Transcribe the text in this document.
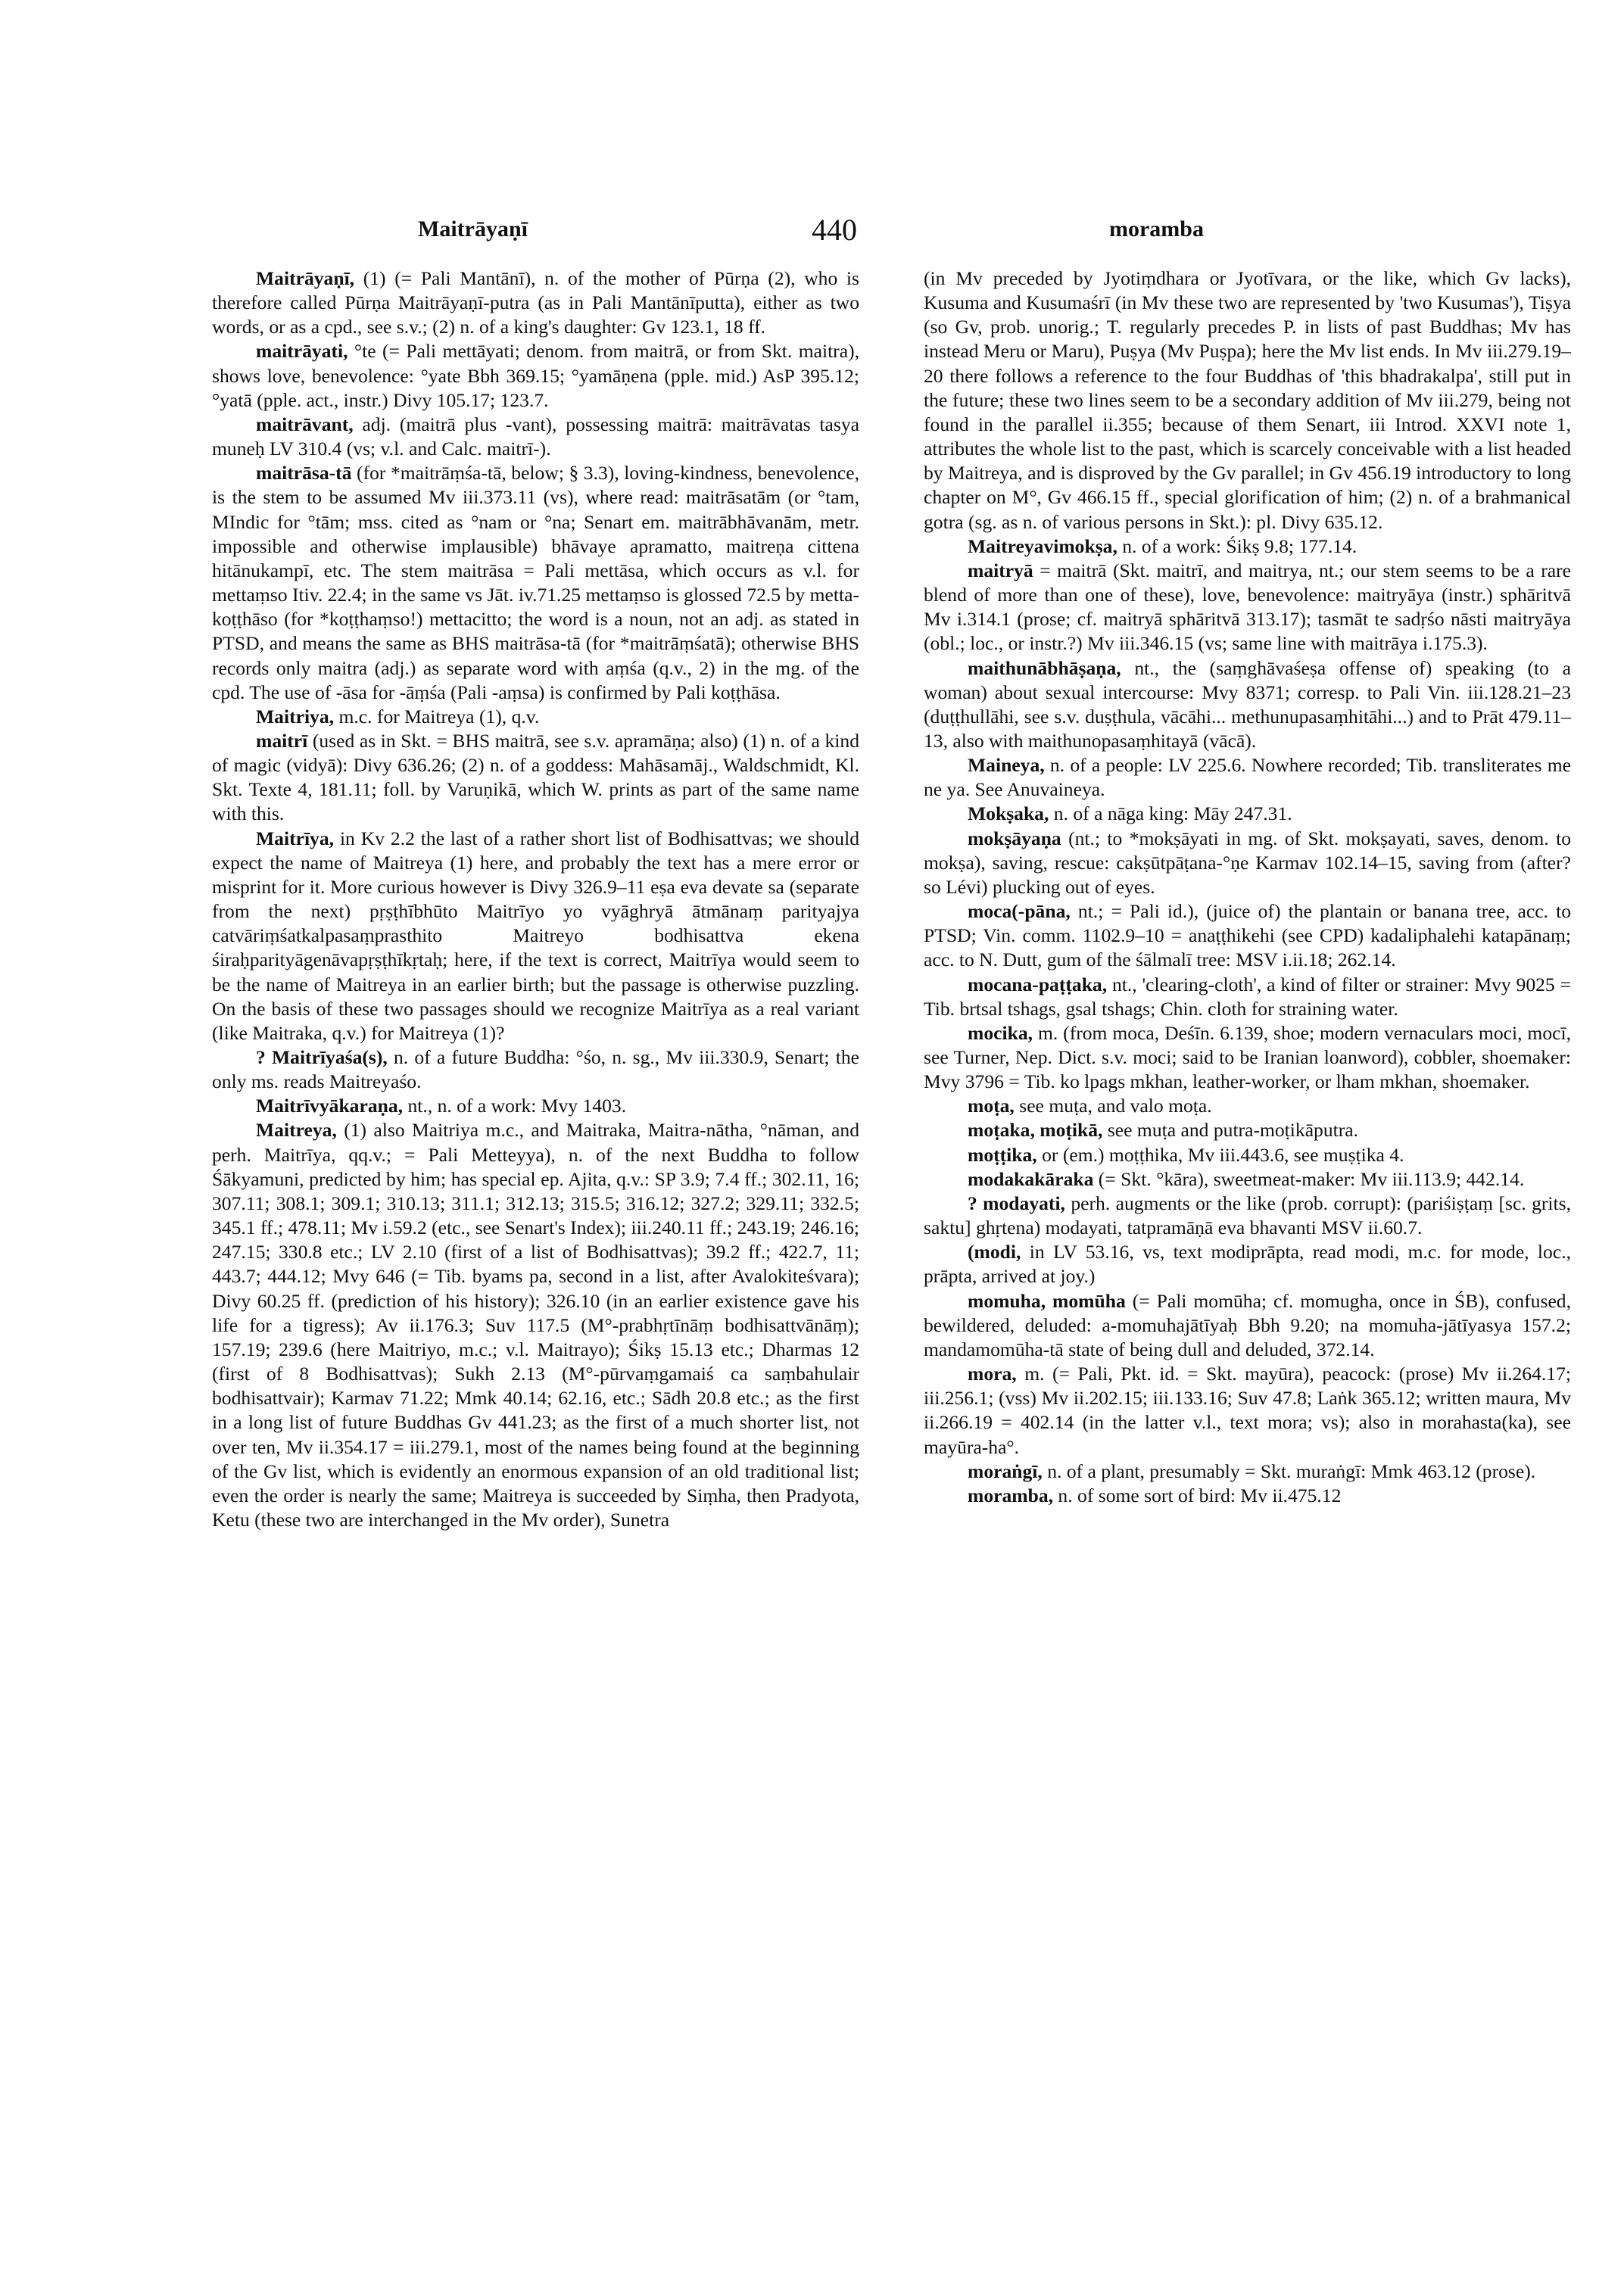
Maitrāyaṇī	440	moramba

Maitrāyaṇī, (1) (= Pali Mantānī), n. of the mother of Pūrṇa (2), who is therefore called Pūrṇa Maitrāyaṇī-putra (as in Pali Mantānīputta), either as two words, or as a cpd., see s.v.; (2) n. of a king's daughter: Gv 123.1, 18 ff.

maitrāyati, °te (= Pali mettāyati; denom. from maitrā, or from Skt. maitra), shows love, benevolence: °yate Bbh 369.15; °yamāṇena (pple. mid.) AsP 395.12; °yatā (pple. act., instr.) Divy 105.17; 123.7.

maitrāvant, adj. (maitrā plus -vant), possessing maitrā: maitrāvatas tasya muneḥ LV 310.4 (vs; v.l. and Calc. maitrī-).

maitrāsa-tā (for *maitrāṃśa-tā, below; § 3.3), loving-kindness, benevolence, is the stem to be assumed Mv iii.373.11 (vs), where read: maitrāsatām (or °tam, MIndic for °tām; mss. cited as °nam or °na; Senart em. maitrābhāvanām, metr. impossible and otherwise implausible) bhāvaye apramatto, maitreṇa cittena hitānukampī, etc. The stem maitrāsa = Pali mettāsa, which occurs as v.l. for mettaṃso Itiv. 22.4; in the same vs Jāt. iv.71.25 mettaṃso is glossed 72.5 by metta-koṭṭhāso (for *koṭṭhaṃso!) mettacitto; the word is a noun, not an adj. as stated in PTSD, and means the same as BHS maitrāsa-tā (for *maitrāṃśatā); otherwise BHS records only maitra (adj.) as separate word with aṃśa (q.v., 2) in the mg. of the cpd. The use of -āsa for -āṃśa (Pali -aṃsa) is confirmed by Pali koṭṭhāsa.

Maitriya, m.c. for Maitreya (1), q.v.

maitrī (used as in Skt. = BHS maitrā, see s.v. apramāṇa; also) (1) n. of a kind of magic (vidyā): Divy 636.26; (2) n. of a goddess: Mahāsamāj., Waldschmidt, Kl. Skt. Texte 4, 181.11; foll. by Varuṇikā, which W. prints as part of the same name with this.

Maitrīya, in Kv 2.2 the last of a rather short list of Bodhisattvas; we should expect the name of Maitreya (1) here, and probably the text has a mere error or misprint for it. More curious however is Divy 326.9–11 eṣa eva devate sa (separate from the next) pṛṣṭhībhūto Maitrīyo yo vyāghryā ātmānaṃ parityajya catvāriṃśatkalpasaṃprasthito Maitreyo bodhisattva ekena śiraḥparityāgenāvapṛṣṭhīkṛtaḥ; here, if the text is correct, Maitrīya would seem to be the name of Maitreya in an earlier birth; but the passage is otherwise puzzling. On the basis of these two passages should we recognize Maitrīya as a real variant (like Maitraka, q.v.) for Maitreya (1)?

? Maitrīyaśa(s), n. of a future Buddha: °śo, n. sg., Mv iii.330.9, Senart; the only ms. reads Maitreyaśo.

Maitrīvyākaraṇa, nt., n. of a work: Mvy 1403.

Maitreya, (1) also Maitriya m.c., and Maitraka, Maitra-nātha, °nāman, and perh. Maitrīya, qq.v.; = Pali Metteyya), n. of the next Buddha to follow Śākyamuni, predicted by him; has special ep. Ajita, q.v.: SP 3.9; 7.4 ff.; 302.11, 16; 307.11; 308.1; 309.1; 310.13; 311.1; 312.13; 315.5; 316.12; 327.2; 329.11; 332.5; 345.1 ff.; 478.11; Mv i.59.2 (etc., see Senart's Index); iii.240.11 ff.; 243.19; 246.16; 247.15; 330.8 etc.; LV 2.10 (first of a list of Bodhisattvas); 39.2 ff.; 422.7, 11; 443.7; 444.12; Mvy 646 (= Tib. byams pa, second in a list, after Avalokiteśvara); Divy 60.25 ff. (prediction of his history); 326.10 (in an earlier existence gave his life for a tigress); Av ii.176.3; Suv 117.5 (M°-prabhṛtīnāṃ bodhisattvānāṃ); 157.19; 239.6 (here Maitriyo, m.c.; v.l. Maitrayo); Śikṣ 15.13 etc.; Dharmas 12 (first of 8 Bodhisattvas); Sukh 2.13 (M°-pūrvaṃgamaiś ca saṃbahulair bodhisattvair); Karmav 71.22; Mmk 40.14; 62.16, etc.; Sādh 20.8 etc.; as the first in a long list of future Buddhas Gv 441.23; as the first of a much shorter list, not over ten, Mv ii.354.17 = iii.279.1, most of the names being found at the beginning of the Gv list, which is evidently an enormous expansion of an old traditional list; even the order is nearly the same; Maitreya is succeeded by Siṃha, then Pradyota, Ketu (these two are interchanged in the Mv order), Sunetra

(in Mv preceded by Jyotiṃdhara or Jyotīvara, or the like, which Gv lacks), Kusuma and Kusumaśrī (in Mv these two are represented by 'two Kusumas'), Tiṣya (so Gv, prob. unorig.; T. regularly precedes P. in lists of past Buddhas; Mv has instead Meru or Maru), Puṣya (Mv Puṣpa); here the Mv list ends. In Mv iii.279.19–20 there follows a reference to the four Buddhas of 'this bhadrakalpa', still put in the future; these two lines seem to be a secondary addition of Mv iii.279, being not found in the parallel ii.355; because of them Senart, iii Introd. XXVI note 1, attributes the whole list to the past, which is scarcely conceivable with a list headed by Maitreya, and is disproved by the Gv parallel; in Gv 456.19 introductory to long chapter on M°, Gv 466.15 ff., special glorification of him; (2) n. of a brahmanical gotra (sg. as n. of various persons in Skt.): pl. Divy 635.12.

Maitreyavimokṣa, n. of a work: Śikṣ 9.8; 177.14.

maitryā = maitrā (Skt. maitrī, and maitrya, nt.; our stem seems to be a rare blend of more than one of these), love, benevolence: maitryāya (instr.) sphāritvā Mv i.314.1 (prose; cf. maitryā sphāritvā 313.17); tasmāt te sadṛśo nāsti maitryāya (obl.; loc., or instr.?) Mv iii.346.15 (vs; same line with maitrāya i.175.3).

maithunābhāṣaṇa, nt., the (saṃghāvaśeṣa offense of) speaking (to a woman) about sexual intercourse: Mvy 8371; corresp. to Pali Vin. iii.128.21–23 (duṭṭhullāhi, see s.v. duṣṭhula, vācāhi... methunupasaṃhitāhi...) and to Prāt 479.11–13, also with maithunopasaṃhitayā (vācā).

Maineya, n. of a people: LV 225.6. Nowhere recorded; Tib. transliterates me ne ya. See Anuvaineya.

Mokṣaka, n. of a nāga king: Māy 247.31.

mokṣāyaṇa (nt.; to *mokṣāyati in mg. of Skt. mokṣayati, saves, denom. to mokṣa), saving, rescue: cakṣūtpāṭana-°ṇe Karmav 102.14–15, saving from (after? so Lévi) plucking out of eyes.

moca(-pāna, nt.; = Pali id.), (juice of) the plantain or banana tree, acc. to PTSD; Vin. comm. 1102.9–10 = anaṭṭhikehi (see CPD) kadaliphalehi katapānaṃ; acc. to N. Dutt, gum of the śālmalī tree: MSV i.ii.18; 262.14.

mocana-paṭṭaka, nt., 'clearing-cloth', a kind of filter or strainer: Mvy 9025 = Tib. brtsal tshags, gsal tshags; Chin. cloth for straining water.

mocika, m. (from moca, Deśīn. 6.139, shoe; modern vernaculars moci, mocī, see Turner, Nep. Dict. s.v. moci; said to be Iranian loanword), cobbler, shoemaker: Mvy 3796 = Tib. ko lpags mkhan, leather-worker, or lham mkhan, shoemaker.

moṭa, see muṭa, and valo moṭa.

moṭaka, moṭikā, see muṭa and putra-moṭikāputra.

moṭṭika, or (em.) moṭṭhika, Mv iii.443.6, see muṣṭika 4.

modakakāraka (= Skt. °kāra), sweetmeat-maker: Mv iii.113.9; 442.14.

? modayati, perh. augments or the like (prob. corrupt): (pariśiṣṭaṃ [sc. grits, saktu] ghṛtena) modayati, tatpramāṇā eva bhavanti MSV ii.60.7.

(modi, in LV 53.16, vs, text modiprāpta, read modi, m.c. for mode, loc., prāpta, arrived at joy.)

momuha, momūha (= Pali momūha; cf. momugha, once in ŚB), confused, bewildered, deluded: a-momuhajātīyaḥ Bbh 9.20; na momuha-jātīyasya 157.2; mandamomūha-tā state of being dull and deluded, 372.14.

mora, m. (= Pali, Pkt. id. = Skt. mayūra), peacock: (prose) Mv ii.264.17; iii.256.1; (vss) Mv ii.202.15; iii.133.16; Suv 47.8; Laṅk 365.12; written maura, Mv ii.266.19 = 402.14 (in the latter v.l., text mora; vs); also in morahasta(ka), see mayūra-ha°.

moraṅgī, n. of a plant, presumably = Skt. muraṅgī: Mmk 463.12 (prose).

moramba, n. of some sort of bird: Mv ii.475.12
